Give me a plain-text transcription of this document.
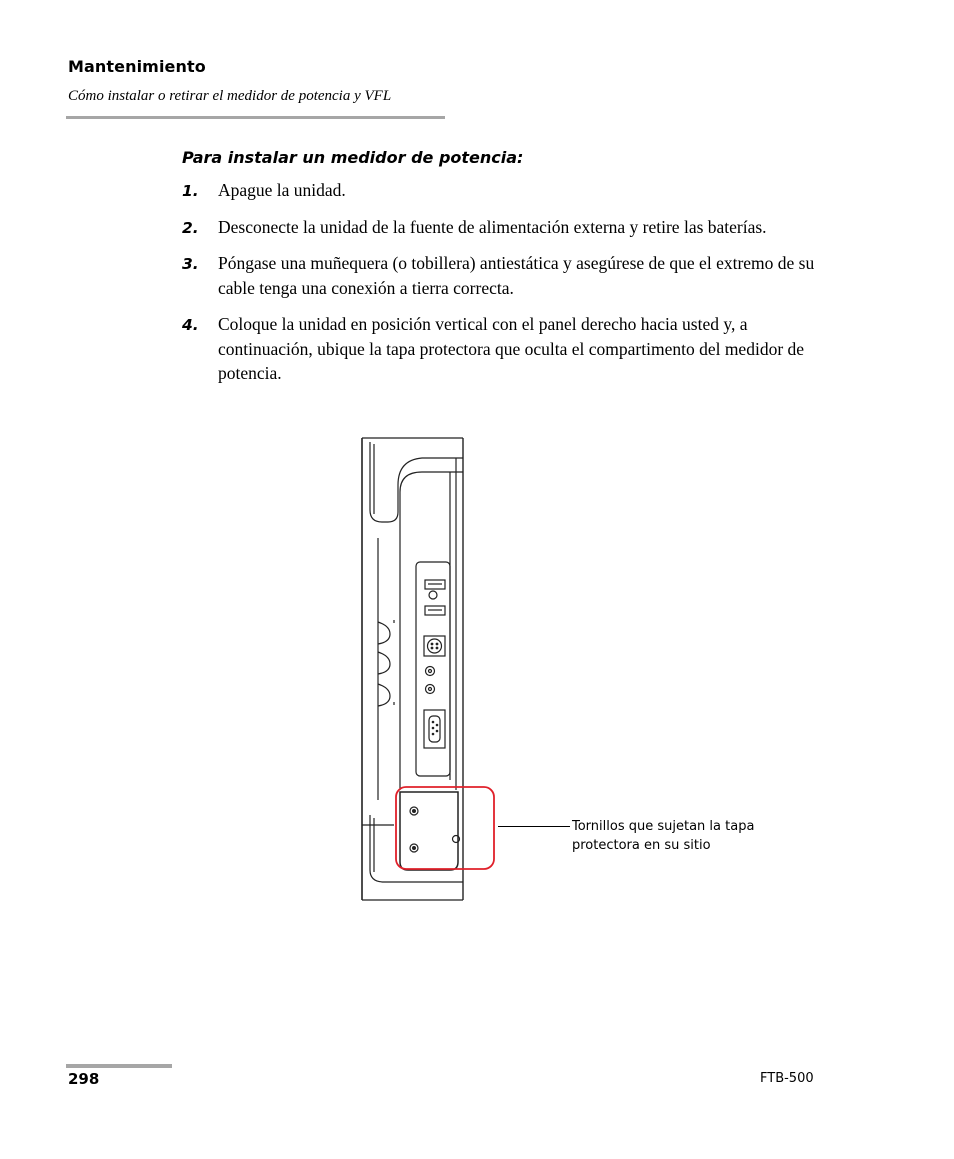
Mantenimiento
Cómo instalar o retirar el medidor de potencia y VFL
Para instalar un medidor de potencia:
1. Apague la unidad.
2. Desconecte la unidad de la fuente de alimentación externa y retire las baterías.
3. Póngase una muñequera (o tobillera) antiestática y asegúrese de que el extremo de su cable tenga una conexión a tierra correcta.
4. Coloque la unidad en posición vertical con el panel derecho hacia usted y, a continuación, ubique la tapa protectora que oculta el compartimento del medidor de potencia.
Tornillos que sujetan la tapa protectora en su sitio
298	FTB-500
